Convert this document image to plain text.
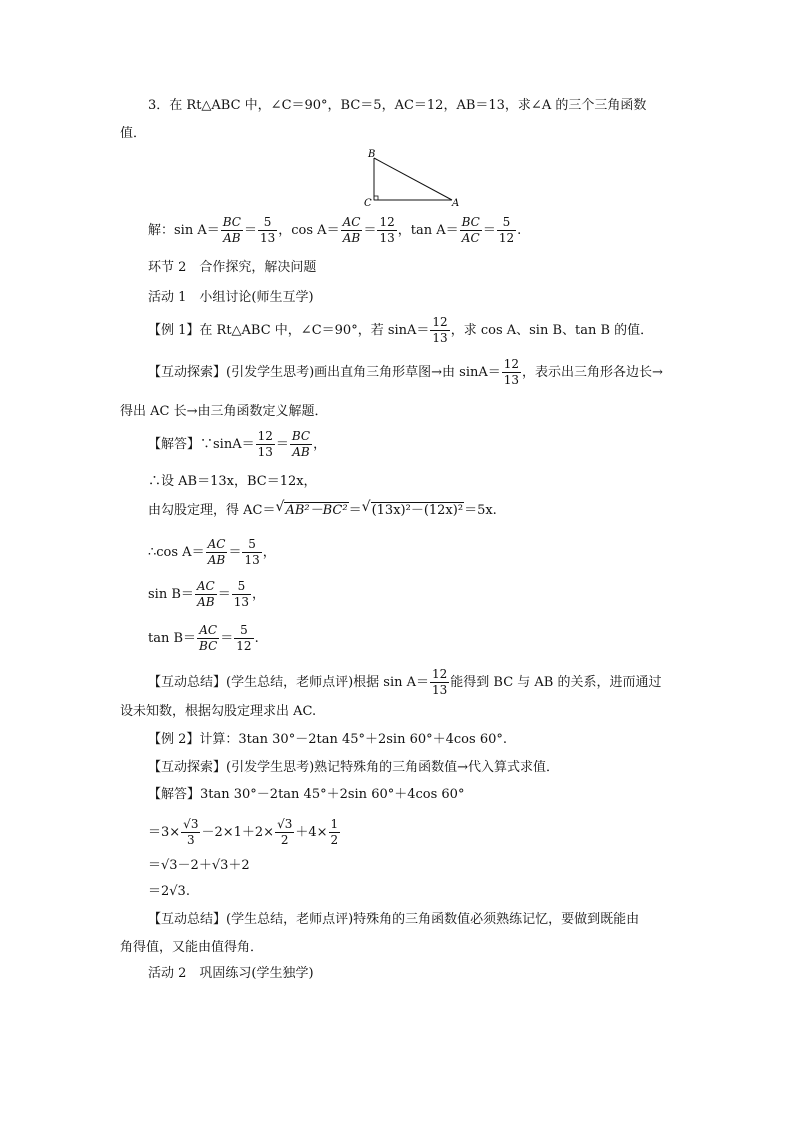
3．在 Rt△ABC 中，∠C＝90°，BC＝5，AC＝12，AB＝13，求∠A 的三个三角函数
值．
B
C	A
解：$\sin A= \frac{BC}{AB} = \frac{5}{13}$ ，$\cos A= \frac{AC}{AB} = \frac{12}{13}$ ，$\tan A= \frac{BC}{AC} = \frac{5}{12}$ .
环节 2　合作探究，解决问题
活动 1　小组讨论(师生互学)
【例 1】在 Rt△ABC 中，∠C＝90°，若 $\sin A= \frac{12}{13}$ ，求 cos A、sin B、tan B 的值．
【互动探索】(引发学生思考)画出直角三角形草图→由 $\sin A= \frac{12}{13}$ ，表示出三角形各边长→
得出 AC 长→由三角函数定义解题．
【解答】∵sinA＝ $\frac{12}{13} = \frac{BC}{AB}$ ，
∴设 AB＝13x，BC＝12x，
由勾股定理，得 AC＝ √ AB²－BC²＝ √ (13x)²－(12x)²＝5x.
∴cos $A= \frac{AC}{AB} = \frac{5}{13}$ ，
$\sin B= \frac{AC}{AB} = \frac{5}{13}$ ，
$\tan B= \frac{AC}{BC} = \frac{5}{12}$ .
【互动总结】(学生总结，老师点评)根据 $\sin A= \frac{12}{13}$ 能得到 BC 与 AB 的关系，进而通过
设未知数，根据勾股定理求出 AC.
【例 2】计算：3tan 30°－2tan 45°＋2sin 60°＋4cos 60°.
【互动探索】(引发学生思考)熟记特殊角的三角函数值→代入算式求值．
【解答】3tan 30°－2tan 45°＋2sin 60°＋4cos 60°
$=3\times \frac{√3}{3} -2\times 1+2\times \frac{√3}{2} +4\times \frac{1}{2}$
＝√3－2＋√3＋2
＝2√3.
【互动总结】(学生总结，老师点评)特殊角的三角函数值必须熟练记忆，要做到既能由
角得值，又能由值得角．
活动 2　巩固练习(学生独学)
